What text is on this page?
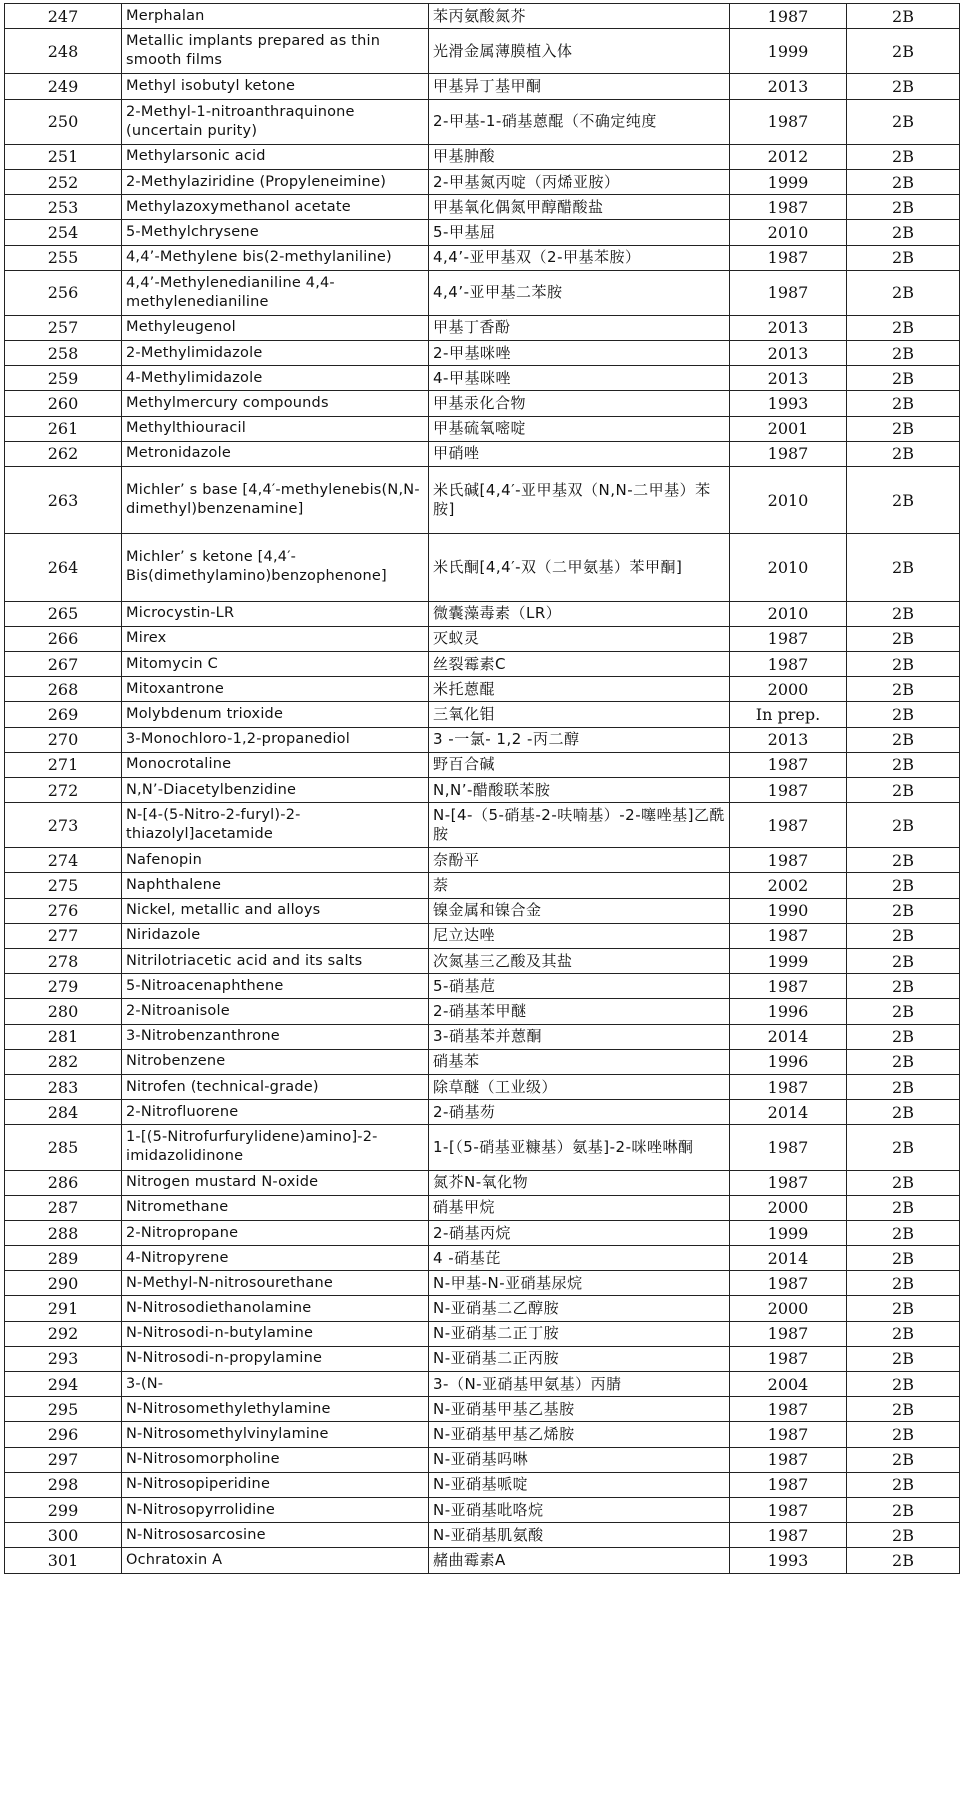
247	Merphalan	苯丙氨酸氮芥	1987	2B
248	Metallic implants prepared as thin smooth films	光滑金属薄膜植入体	1999	2B
249	Methyl isobutyl ketone	甲基异丁基甲酮	2013	2B
250	2-Methyl-1-nitroanthraquinone (uncertain purity)	2-甲基-1-硝基蒽醌（不确定纯度	1987	2B
251	Methylarsonic acid	甲基胂酸	2012	2B
252	2-Methylaziridine (Propyleneimine)	2-甲基氮丙啶（丙烯亚胺）	1999	2B
253	Methylazoxymethanol acetate	甲基氧化偶氮甲醇醋酸盐	1987	2B
254	5-Methylchrysene	5-甲基屈	2010	2B
255	4,4’-Methylene bis(2-methylaniline)	4,4’-亚甲基双（2-甲基苯胺）	1987	2B
256	4,4’-Methylenedianiline 4,4-methylenedianiline	4,4’-亚甲基二苯胺	1987	2B
257	Methyleugenol	甲基丁香酚	2013	2B
258	2-Methylimidazole	2-甲基咪唑	2013	2B
259	4-Methylimidazole	4-甲基咪唑	2013	2B
260	Methylmercury compounds	甲基汞化合物	1993	2B
261	Methylthiouracil	甲基硫氧嘧啶	2001	2B
262	Metronidazole	甲硝唑	1987	2B
263	Michler’ s base [4,4′-methylenebis(N,N-dimethyl)benzenamine]	米氏碱[4,4′-亚甲基双（N,N-二甲基）苯胺]	2010	2B
264	Michler’ s ketone [4,4′-Bis(dimethylamino)benzophenone]	米氏酮[4,4′-双（二甲氨基）苯甲酮]	2010	2B
265	Microcystin-LR	微囊藻毒素（LR）	2010	2B
266	Mirex	灭蚁灵	1987	2B
267	Mitomycin C	丝裂霉素C	1987	2B
268	Mitoxantrone	米托蒽醌	2000	2B
269	Molybdenum trioxide	三氧化钼	In prep.	2B
270	3-Monochloro-1,2-propanediol	3 -一氯- 1,2 -丙二醇	2013	2B
271	Monocrotaline	野百合碱	1987	2B
272	N,N’-Diacetylbenzidine	N,N’-醋酸联苯胺	1987	2B
273	N-[4-(5-Nitro-2-furyl)-2-thiazolyl]acetamide	N-[4-（5-硝基-2-呋喃基）-2-噻唑基]乙酰胺	1987	2B
274	Nafenopin	奈酚平	1987	2B
275	Naphthalene	萘	2002	2B
276	Nickel, metallic and alloys	镍金属和镍合金	1990	2B
277	Niridazole	尼立达唑	1987	2B
278	Nitrilotriacetic acid and its salts	次氮基三乙酸及其盐	1999	2B
279	5-Nitroacenaphthene	5-硝基苊	1987	2B
280	2-Nitroanisole	2-硝基苯甲醚	1996	2B
281	3-Nitrobenzanthrone	3-硝基苯并蒽酮	2014	2B
282	Nitrobenzene	硝基苯	1996	2B
283	Nitrofen (technical-grade)	除草醚（工业级）	1987	2B
284	2-Nitrofluorene	2-硝基芴	2014	2B
285	1-[(5-Nitrofurfurylidene)amino]-2-imidazolidinone	1-[（5-硝基亚糠基）氨基]-2-咪唑啉酮	1987	2B
286	Nitrogen mustard N-oxide	氮芥N-氧化物	1987	2B
287	Nitromethane	硝基甲烷	2000	2B
288	2-Nitropropane	2-硝基丙烷	1999	2B
289	4-Nitropyrene	4 -硝基芘	2014	2B
290	N-Methyl-N-nitrosourethane	N-甲基-N-亚硝基尿烷	1987	2B
291	N-Nitrosodiethanolamine	N-亚硝基二乙醇胺	2000	2B
292	N-Nitrosodi-n-butylamine	N-亚硝基二正丁胺	1987	2B
293	N-Nitrosodi-n-propylamine	N-亚硝基二正丙胺	1987	2B
294	3-(N-	3-（N-亚硝基甲氨基）丙腈	2004	2B
295	N-Nitrosomethylethylamine	N-亚硝基甲基乙基胺	1987	2B
296	N-Nitrosomethylvinylamine	N-亚硝基甲基乙烯胺	1987	2B
297	N-Nitrosomorpholine	N-亚硝基吗啉	1987	2B
298	N-Nitrosopiperidine	N-亚硝基哌啶	1987	2B
299	N-Nitrosopyrrolidine	N-亚硝基吡咯烷	1987	2B
300	N-Nitrososarcosine	N-亚硝基肌氨酸	1987	2B
301	Ochratoxin A	赭曲霉素A	1993	2B
